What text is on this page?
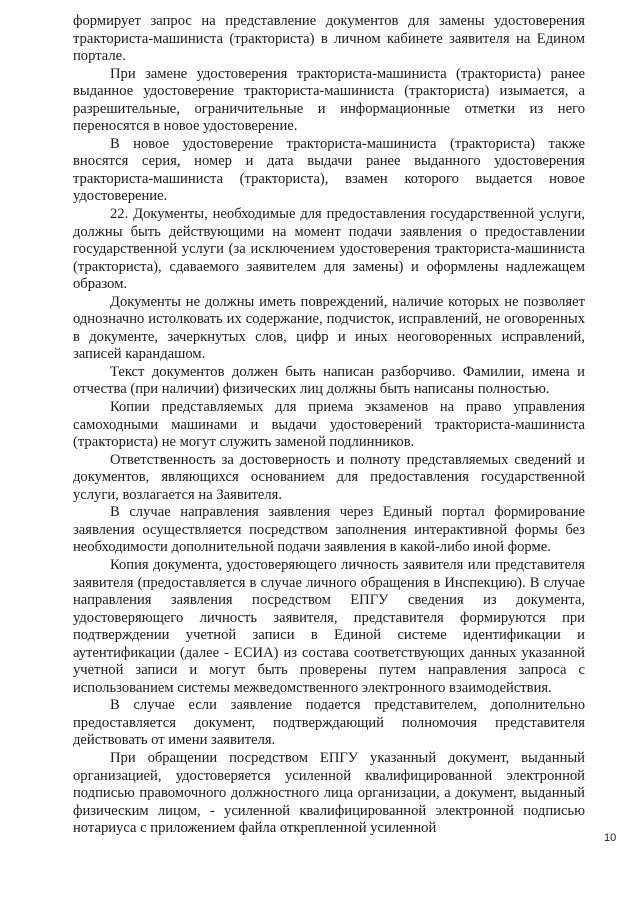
формирует запрос на представление документов для замены удостоверения тракториста-машиниста (тракториста) в личном кабинете заявителя на Едином портале.

При замене удостоверения тракториста-машиниста (тракториста) ранее выданное удостоверение тракториста-машиниста (тракториста) изымается, а разрешительные, ограничительные и информационные отметки из него переносятся в новое удостоверение.

В новое удостоверение тракториста-машиниста (тракториста) также вносятся серия, номер и дата выдачи ранее выданного удостоверения тракториста-машиниста (тракториста), взамен которого выдается новое удостоверение.

22. Документы, необходимые для предоставления государственной услуги, должны быть действующими на момент подачи заявления о предоставлении государственной услуги (за исключением удостоверения тракториста-машиниста (тракториста), сдаваемого заявителем для замены) и оформлены надлежащем образом.

Документы не должны иметь повреждений, наличие которых не позволяет однозначно истолковать их содержание, подчисток, исправлений, не оговоренных в документе, зачеркнутых слов, цифр и иных неоговоренных исправлений, записей карандашом.

Текст документов должен быть написан разборчиво. Фамилии, имена и отчества (при наличии) физических лиц должны быть написаны полностью.

Копии представляемых для приема экзаменов на право управления самоходными машинами и выдачи удостоверений тракториста-машиниста (тракториста) не могут служить заменой подлинников.

Ответственность за достоверность и полноту представляемых сведений и документов, являющихся основанием для предоставления государственной услуги, возлагается на Заявителя.

В случае направления заявления через Единый портал формирование заявления осуществляется посредством заполнения интерактивной формы без необходимости дополнительной подачи заявления в какой-либо иной форме.

Копия документа, удостоверяющего личность заявителя или представителя заявителя (предоставляется в случае личного обращения в Инспекцию). В случае направления заявления посредством ЕПГУ сведения из документа, удостоверяющего личность заявителя, представителя формируются при подтверждении учетной записи в Единой системе идентификации и аутентификации (далее - ЕСИА) из состава соответствующих данных указанной учетной записи и могут быть проверены путем направления запроса с использованием системы межведомственного электронного взаимодействия.

В случае если заявление подается представителем, дополнительно предоставляется документ, подтверждающий полномочия представителя действовать от имени заявителя.

При обращении посредством ЕПГУ указанный документ, выданный организацией, удостоверяется усиленной квалифицированной электронной подписью правомочного должностного лица организации, а документ, выданный физическим лицом, - усиленной квалифицированной электронной подписью нотариуса с приложением файла открепленной усиленной

10
